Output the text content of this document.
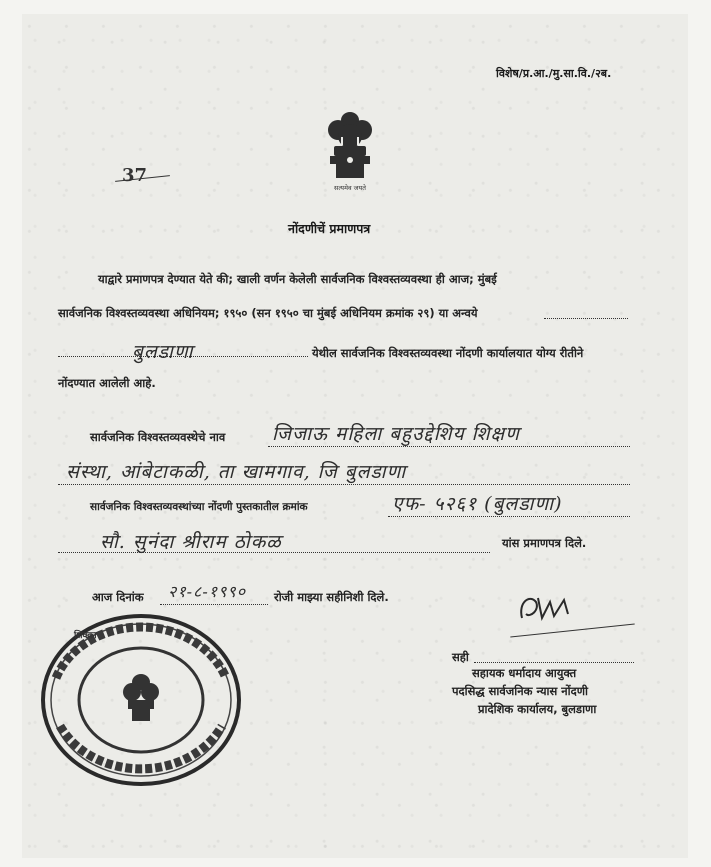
विशेष/प्र.आ./मु.सा.वि./२ब.
सत्यमेव जयते
37
नोंदणीचें प्रमाणपत्र
याद्वारे प्रमाणपत्र देण्यात येते की; खाली वर्णन केलेली सार्वजनिक विश्वस्तव्यवस्था ही आज; मुंबई
सार्वजनिक विश्वस्तव्यवस्था अधिनियम; १९५० (सन १९५० चा मुंबई अधिनियम क्रमांक २९) या अन्वये
बुलडाणा	येथील सार्वजनिक विश्वस्तव्यवस्था नोंदणी कार्यालयात योग्य रीतीने
नोंदण्यात आलेली आहे.
सार्वजनिक विश्वस्तव्यवस्थेचे नाव जिजाऊ महिला बहुउद्देशिय शिक्षण
संस्था, आंबेटाकळी, ता खामगाव, जि बुलडाणा
सार्वजनिक विश्वस्तव्यवस्थांच्या नोंदणी पुस्तकातील क्रमांक	एफ- ५२६१ (बुलडाणा)
सौ. सुनंदा श्रीराम ठोकळ	यांस प्रमाणपत्र दिले.
आज दिनांक २१-८-१९९० रोजी माझ्या सहीनिशी दिले.
सही
सहायक धर्मादाय आयुक्त
पदसिद्ध सार्वजनिक न्यास नोंदणी
प्रादेशिक कार्यालय, बुलडाणा
शिक्का
